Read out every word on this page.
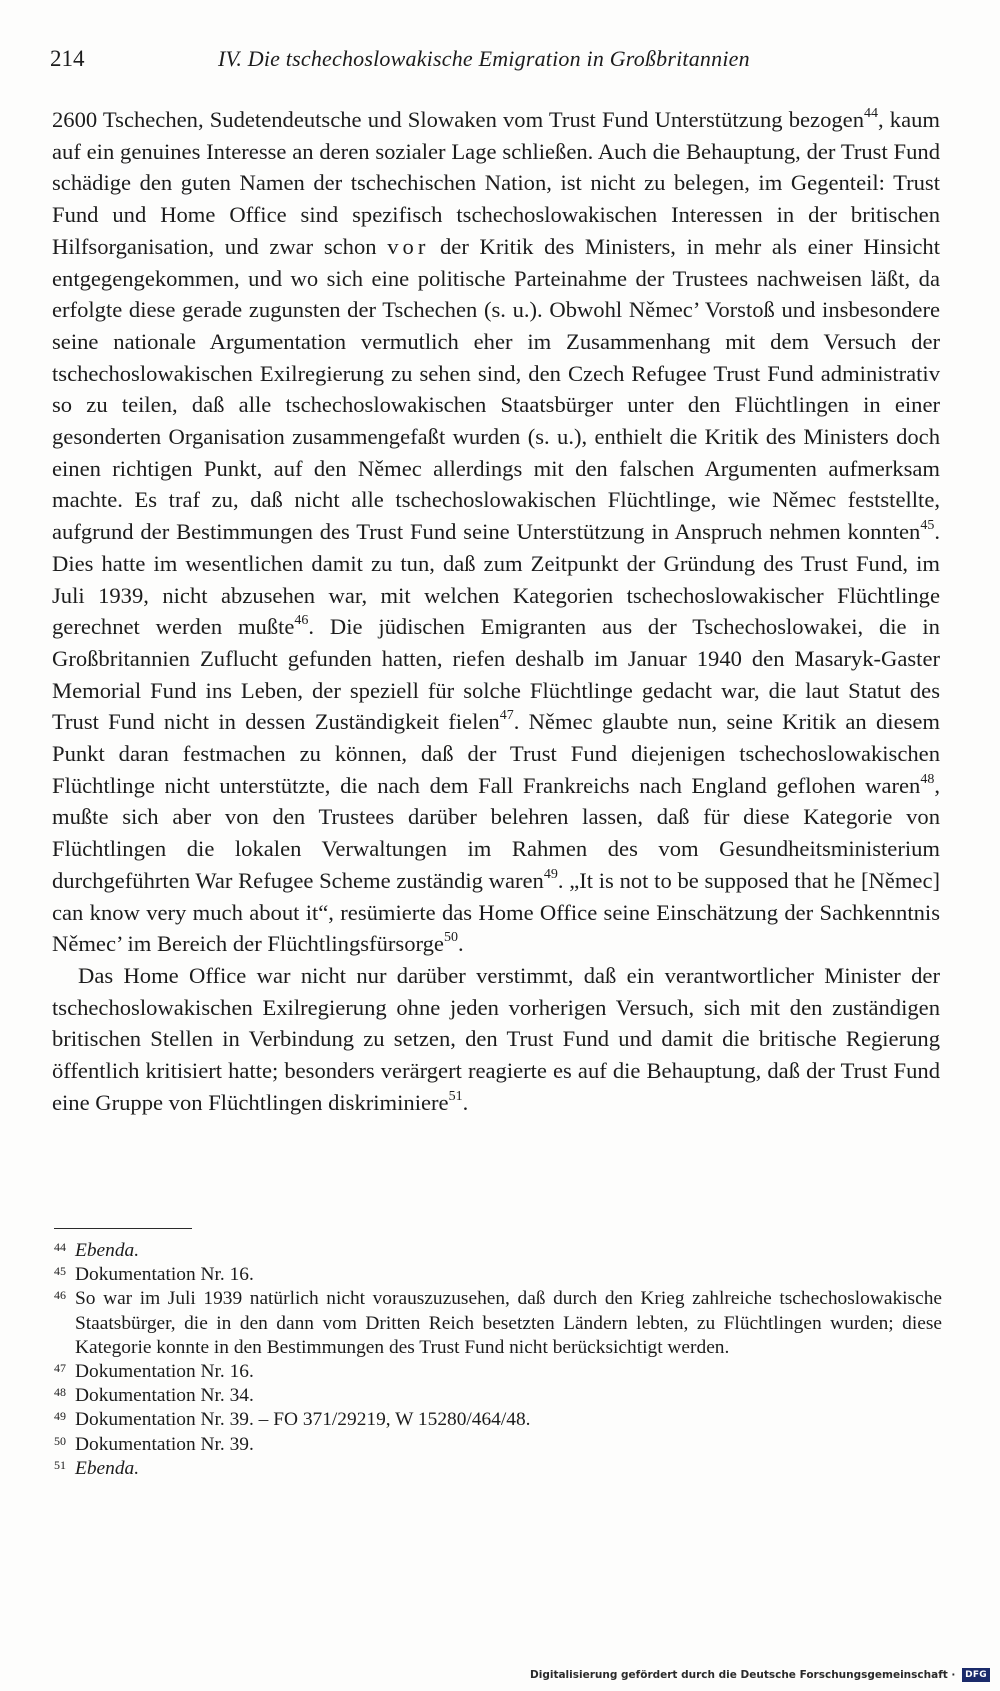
214	IV. Die tschechoslowakische Emigration in Großbritannien

2600 Tschechen, Sudetendeutsche und Slowaken vom Trust Fund Unterstützung bezogen$^{44}$, kaum auf ein genuines Interesse an deren sozialer Lage schließen. Auch die Behauptung, der Trust Fund schädige den guten Namen der tschechischen Nation, ist nicht zu belegen, im Gegenteil: Trust Fund und Home Office sind spezifisch tschechoslowakischen Interessen in der britischen Hilfsorganisation, und zwar schon vor der Kritik des Ministers, in mehr als einer Hinsicht entgegengekommen, und wo sich eine politische Parteinahme der Trustees nachweisen läßt, da erfolgte diese gerade zugunsten der Tschechen (s. u.). Obwohl Němec’ Vorstoß und insbesondere seine nationale Argumentation vermutlich eher im Zusammenhang mit dem Versuch der tschechoslowakischen Exilregierung zu sehen sind, den Czech Refugee Trust Fund administrativ so zu teilen, daß alle tschechoslowakischen Staatsbürger unter den Flüchtlingen in einer gesonderten Organisation zusammengefaßt wurden (s. u.), enthielt die Kritik des Ministers doch einen richtigen Punkt, auf den Němec allerdings mit den falschen Argumenten aufmerksam machte. Es traf zu, daß nicht alle tschechoslowakischen Flüchtlinge, wie Němec feststellte, aufgrund der Bestimmungen des Trust Fund seine Unterstützung in Anspruch nehmen konnten$^{45}$. Dies hatte im wesentlichen damit zu tun, daß zum Zeitpunkt der Gründung des Trust Fund, im Juli 1939, nicht abzusehen war, mit welchen Kategorien tschechoslowakischer Flüchtlinge gerechnet werden mußte$^{46}$. Die jüdischen Emigranten aus der Tschechoslowakei, die in Großbritannien Zuflucht gefunden hatten, riefen deshalb im Januar 1940 den Masaryk-Gaster Memorial Fund ins Leben, der speziell für solche Flüchtlinge gedacht war, die laut Statut des Trust Fund nicht in dessen Zuständigkeit fielen$^{47}$. Němec glaubte nun, seine Kritik an diesem Punkt daran festmachen zu können, daß der Trust Fund diejenigen tschechoslowakischen Flüchtlinge nicht unterstützte, die nach dem Fall Frankreichs nach England geflohen waren$^{48}$, mußte sich aber von den Trustees darüber belehren lassen, daß für diese Kategorie von Flüchtlingen die lokalen Verwaltungen im Rahmen des vom Gesundheitsministerium durchgeführten War Refugee Scheme zuständig waren$^{49}$. „It is not to be supposed that he [Němec] can know very much about it“, resümierte das Home Office seine Einschätzung der Sachkenntnis Němec’ im Bereich der Flüchtlingsfürsorge$^{50}$.

Das Home Office war nicht nur darüber verstimmt, daß ein verantwortlicher Minister der tschechoslowakischen Exilregierung ohne jeden vorherigen Versuch, sich mit den zuständigen britischen Stellen in Verbindung zu setzen, den Trust Fund und damit die britische Regierung öffentlich kritisiert hatte; besonders verärgert reagierte es auf die Behauptung, daß der Trust Fund eine Gruppe von Flüchtlingen diskriminiere$^{51}$.

44 Ebenda.

45 Dokumentation Nr. 16.

46 So war im Juli 1939 natürlich nicht vorauszuzusehen, daß durch den Krieg zahlreiche tschechoslowakische Staatsbürger, die in den dann vom Dritten Reich besetzten Ländern lebten, zu Flüchtlingen wurden; diese Kategorie konnte in den Bestimmungen des Trust Fund nicht berücksichtigt werden.

47 Dokumentation Nr. 16.

48 Dokumentation Nr. 34.

49 Dokumentation Nr. 39. – FO 371/29219, W 15280/464/48.

50 Dokumentation Nr. 39.

51 Ebenda.

Digitalisierung gefördert durch die Deutsche Forschungsgemeinschaft · DFG
